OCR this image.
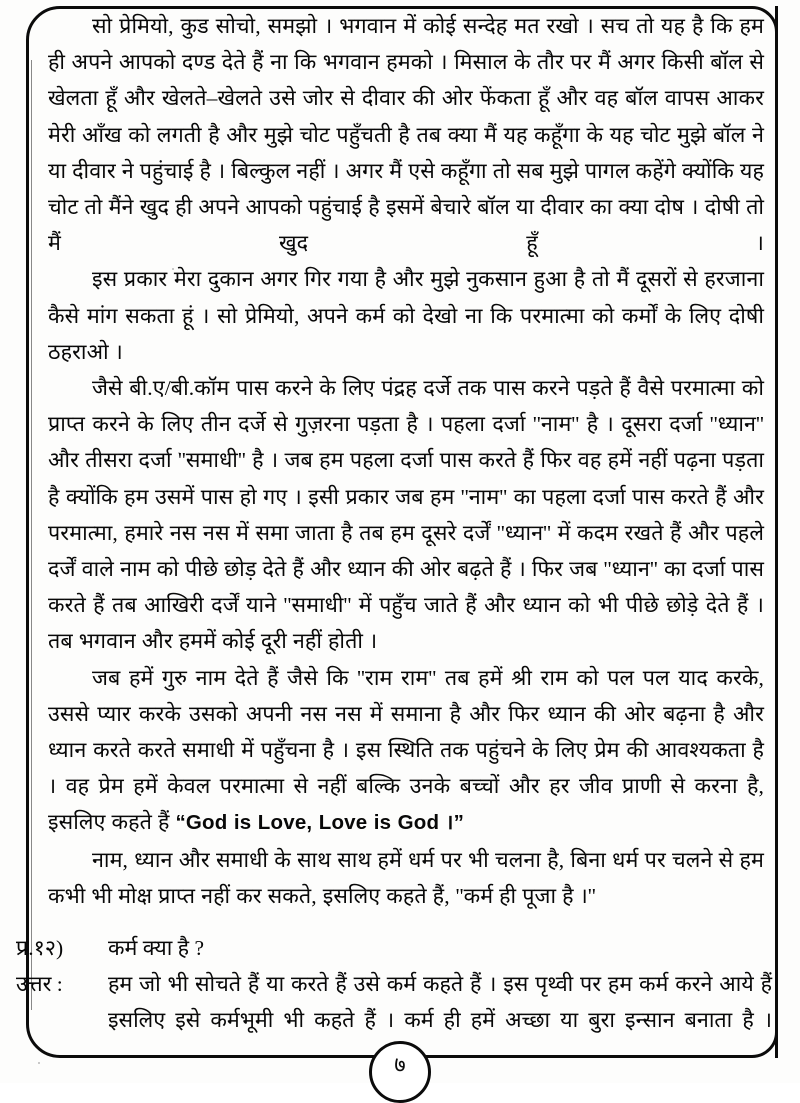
सो प्रेमियो, कुड सोचो, समझो । भगवान में कोई सन्देह मत रखो । सच तो यह है कि हम ही अपने आपको दण्ड देते हैं ना कि भगवान हमको । मिसाल के तौर पर मैं अगर किसी बॉल से खेलता हूँ और खेलते–खेलते उसे जोर से दीवार की ओर फेंकता हूँ और वह बॉल वापस आकर मेरी आँख को लगती है और मुझे चोट पहुँचती है तब क्या मैं यह कहूँगा के यह चोट मुझे बॉल ने या दीवार ने पहुंचाई है । बिल्कुल नहीं । अगर मैं एसे कहूँगा तो सब मुझे पागल कहेंगे क्योंकि यह चोट तो मैंने खुद ही अपने आपको पहुंचाई है इसमें बेचारे बॉल या दीवार का क्या दोष । दोषी तो मैं खुद हूँ ।

इस प्रकार मेरा दुकान अगर गिर गया है और मुझे नुकसान हुआ है तो मैं दूसरों से हरजाना कैसे मांग सकता हूं । सो प्रेमियो, अपने कर्म को देखो ना कि परमात्मा को कर्मों के लिए दोषी ठहराओ ।

जैसे बी.ए/बी.कॉम पास करने के लिए पंद्रह दर्जे तक पास करने पड़ते हैं वैसे परमात्मा को प्राप्त करने के लिए तीन दर्जे से गुज़रना पड़ता है । पहला दर्जा ''नाम'' है । दूसरा दर्जा ''ध्यान'' और तीसरा दर्जा ''समाधी'' है । जब हम पहला दर्जा पास करते हैं फिर वह हमें नहीं पढ़ना पड़ता है क्योंकि हम उसमें पास हो गए । इसी प्रकार जब हम ''नाम'' का पहला दर्जा पास करते हैं और परमात्मा, हमारे नस नस में समा जाता है तब हम दूसरे दर्जें ''ध्यान'' में कदम रखते हैं और पहले दर्जें वाले नाम को पीछे छोड़ देते हैं और ध्यान की ओर बढ़ते हैं । फिर जब ''ध्यान'' का दर्जा पास करते हैं तब आखिरी दर्जें याने ''समाधी'' में पहुँच जाते हैं और ध्यान को भी पीछे छोड़े देते हैं । तब भगवान और हममें कोई दूरी नहीं होती ।

जब हमें गुरु नाम देते हैं जैसे कि ''राम राम'' तब हमें श्री राम को पल पल याद करके, उससे प्यार करके उसको अपनी नस नस में समाना है और फिर ध्यान की ओर बढ़ना है और ध्यान करते करते समाधी में पहुँचना है । इस स्थिति तक पहुंचने के लिए प्रेम की आवश्यकता है । वह प्रेम हमें केवल परमात्मा से नहीं बल्कि उनके बच्चों और हर जीव प्राणी से करना है, इसलिए कहते हैं “God is Love, Love is God ।”

नाम, ध्यान और समाधी के साथ साथ हमें धर्म पर भी चलना है, बिना धर्म पर चलने से हम कभी भी मोक्ष प्राप्त नहीं कर सकते, इसलिए कहते हैं, ''कर्म ही पूजा है ।''

प्र.१२)	कर्म क्या है ?
उत्तर :	हम जो भी सोचते हैं या करते हैं उसे कर्म कहते हैं । इस पृथ्वी पर हम कर्म करने आये हैं इसलिए इसे कर्मभूमी भी कहते हैं । कर्म ही हमें अच्छा या बुरा इन्सान बनाता है ।
७
